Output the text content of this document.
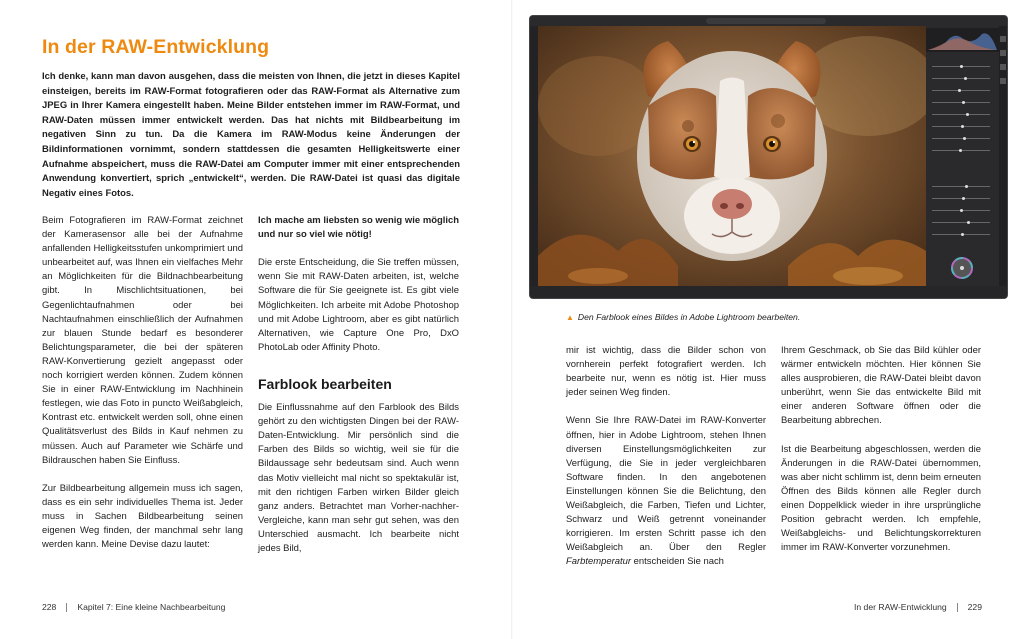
In der RAW-Entwicklung

Ich denke, kann man davon ausgehen, dass die meisten von Ihnen, die jetzt in dieses Kapitel einsteigen, bereits im RAW-Format fotografieren oder das RAW-Format als Alternative zum JPEG in Ihrer Kamera eingestellt haben. Meine Bilder entstehen immer im RAW-Format, und RAW-Daten müssen immer entwickelt werden. Das hat nichts mit Bildbearbeitung im negativen Sinn zu tun. Da die Kamera im RAW-Modus keine Änderungen der Bildinformationen vornimmt, sondern stattdessen die gesamten Helligkeitswerte einer Aufnahme abspeichert, muss die RAW-Datei am Computer immer mit einer entsprechenden Anwendung konvertiert, sprich „entwickelt“, werden. Die RAW-Datei ist quasi das digitale Negativ eines Fotos.

Beim Fotografieren im RAW-Format zeichnet der Kamerasensor alle bei der Aufnahme anfallenden Helligkeitsstufen unkomprimiert und unbearbeitet auf, was Ihnen ein vielfaches Mehr an Möglichkeiten für die Bildnachbearbeitung gibt. In Mischlichtsituationen, bei Gegenlichtaufnahmen oder bei Nachtaufnahmen einschließlich der Aufnahmen zur blauen Stunde bedarf es besonderer Belichtungsparameter, die bei der späteren RAW-Konvertierung gezielt angepasst oder noch korrigiert werden können. Zudem können Sie in einer RAW-Entwicklung im Nachhinein festlegen, wie das Foto in puncto Weißabgleich, Kontrast etc. entwickelt werden soll, ohne einen Qualitätsverlust des Bilds in Kauf nehmen zu müssen. Auch auf Parameter wie Schärfe und Bildrauschen haben Sie Einfluss.

Zur Bildbearbeitung allgemein muss ich sagen, dass es ein sehr individuelles Thema ist. Jeder muss in Sachen Bildbearbeitung seinen eigenen Weg finden, der manchmal sehr lang werden kann. Meine Devise dazu lautet:

Ich mache am liebsten so wenig wie möglich und nur so viel wie nötig!

Die erste Entscheidung, die Sie treffen müssen, wenn Sie mit RAW-Daten arbeiten, ist, welche Software die für Sie geeignete ist. Es gibt viele Möglichkeiten. Ich arbeite mit Adobe Photoshop und mit Adobe Lightroom, aber es gibt natürlich Alternativen, wie Capture One Pro, DxO PhotoLab oder Affinity Photo.

Farblook bearbeiten

Die Einflussnahme auf den Farblook des Bilds gehört zu den wichtigsten Dingen bei der RAW-Daten-Entwicklung. Mir persönlich sind die Farben des Bilds so wichtig, weil sie für die Bildaussage sehr bedeutsam sind. Auch wenn das Motiv vielleicht mal nicht so spektakulär ist, mit den richtigen Farben wirken Bilder gleich ganz anders. Betrachtet man Vorher-nachher-Vergleiche, kann man sehr gut sehen, was den Unterschied ausmacht. Ich bearbeite nicht jedes Bild,

228 Kapitel 7: Eine kleine Nachbearbeitung
▲ Den Farblook eines Bildes in Adobe Lightroom bearbeiten.

mir ist wichtig, dass die Bilder schon von vornherein perfekt fotografiert werden. Ich bearbeite nur, wenn es nötig ist. Hier muss jeder seinen Weg finden.

Wenn Sie Ihre RAW-Datei im RAW-Konverter öffnen, hier in Adobe Lightroom, stehen Ihnen diversen Einstellungsmöglichkeiten zur Verfügung, die Sie in jeder vergleichbaren Software finden. In den angebotenen Einstellungen können Sie die Belichtung, den Weißabgleich, die Farben, Tiefen und Lichter, Schwarz und Weiß getrennt voneinander korrigieren. Im ersten Schritt passe ich den Weißabgleich an. Über den Regler Farbtemperatur entscheiden Sie nach

Ihrem Geschmack, ob Sie das Bild kühler oder wärmer entwickeln möchten. Hier können Sie alles ausprobieren, die RAW-Datei bleibt davon unberührt, wenn Sie das entwickelte Bild mit einer anderen Software öffnen oder die Bearbeitung abbrechen.

Ist die Bearbeitung abgeschlossen, werden die Änderungen in die RAW-Datei übernommen, was aber nicht schlimm ist, denn beim erneuten Öffnen des Bilds können alle Regler durch einen Doppelklick wieder in ihre ursprüngliche Position gebracht werden. Ich empfehle, Weißabgleichs- und Belichtungskorrekturen immer im RAW-Konverter vorzunehmen.

In der RAW-Entwicklung 229
